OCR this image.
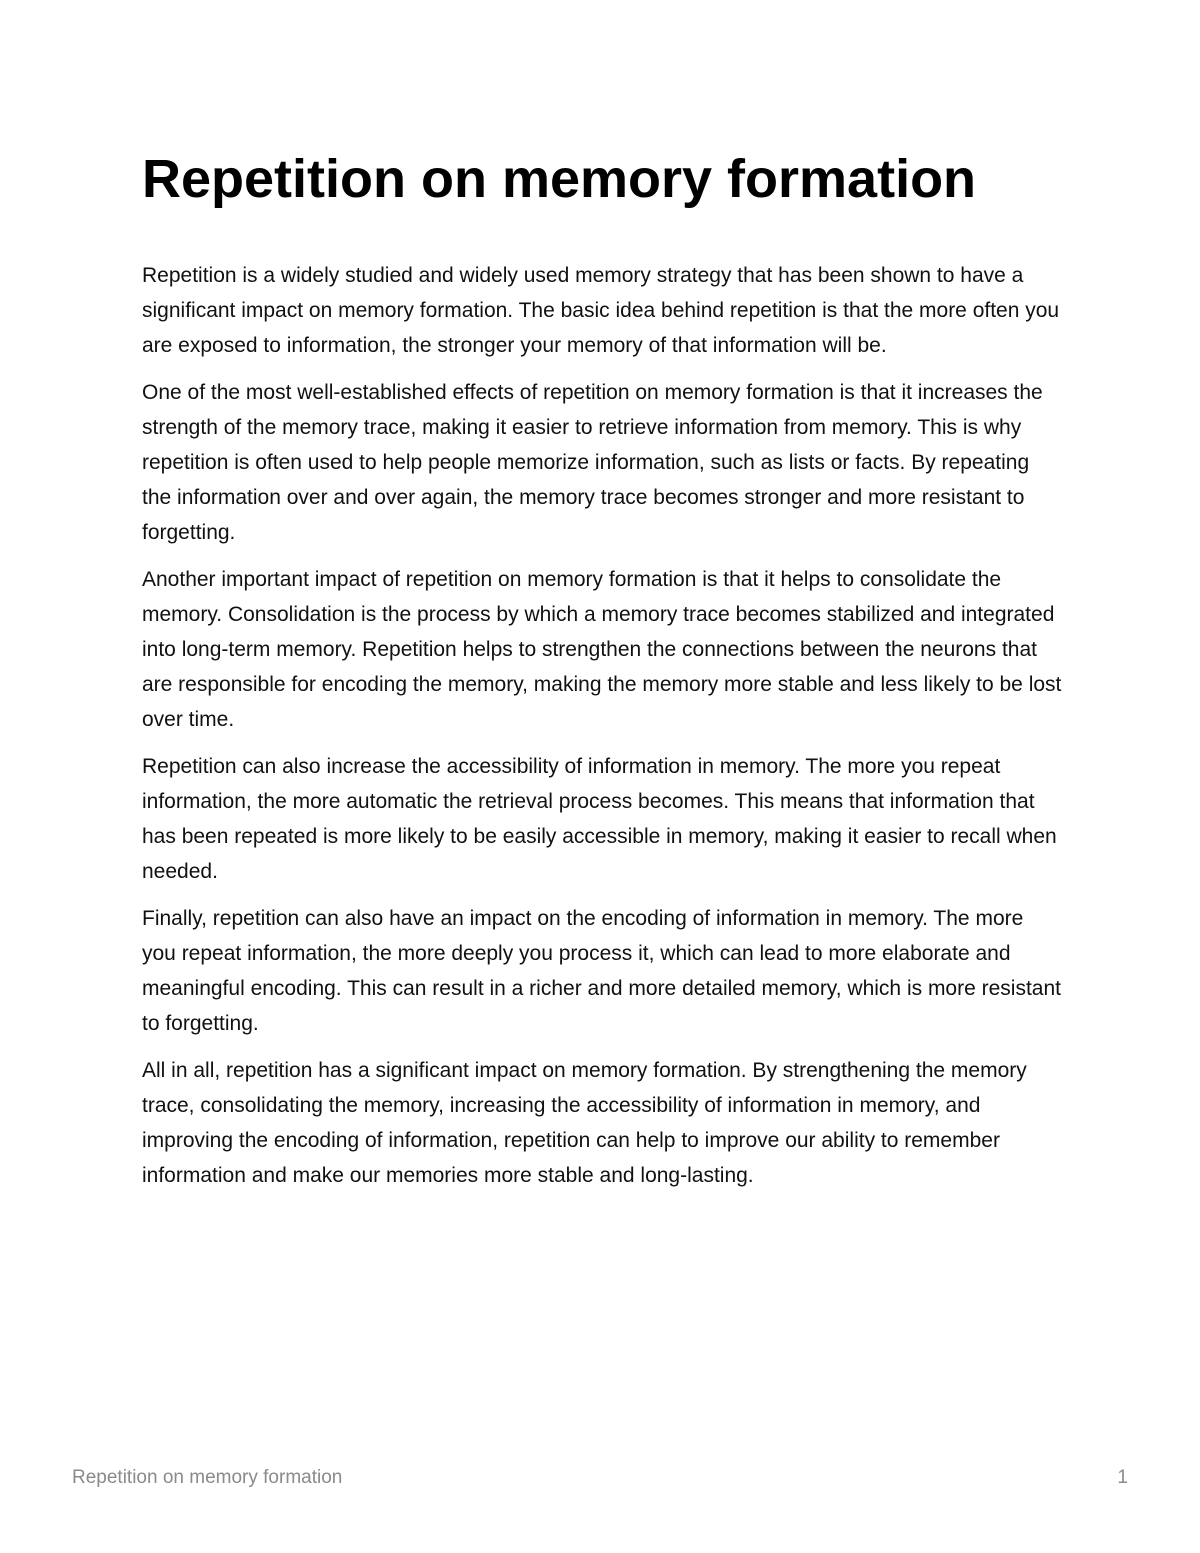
Repetition on memory formation

Repetition is a widely studied and widely used memory strategy that has been shown to have a significant impact on memory formation. The basic idea behind repetition is that the more often you are exposed to information, the stronger your memory of that information will be.

One of the most well-established effects of repetition on memory formation is that it increases the strength of the memory trace, making it easier to retrieve information from memory. This is why repetition is often used to help people memorize information, such as lists or facts. By repeating the information over and over again, the memory trace becomes stronger and more resistant to forgetting.

Another important impact of repetition on memory formation is that it helps to consolidate the memory. Consolidation is the process by which a memory trace becomes stabilized and integrated into long-term memory. Repetition helps to strengthen the connections between the neurons that are responsible for encoding the memory, making the memory more stable and less likely to be lost over time.

Repetition can also increase the accessibility of information in memory. The more you repeat information, the more automatic the retrieval process becomes. This means that information that has been repeated is more likely to be easily accessible in memory, making it easier to recall when needed.

Finally, repetition can also have an impact on the encoding of information in memory. The more you repeat information, the more deeply you process it, which can lead to more elaborate and meaningful encoding. This can result in a richer and more detailed memory, which is more resistant to forgetting.

All in all, repetition has a significant impact on memory formation. By strengthening the memory trace, consolidating the memory, increasing the accessibility of information in memory, and improving the encoding of information, repetition can help to improve our ability to remember information and make our memories more stable and long-lasting.

Repetition on memory formation	1
